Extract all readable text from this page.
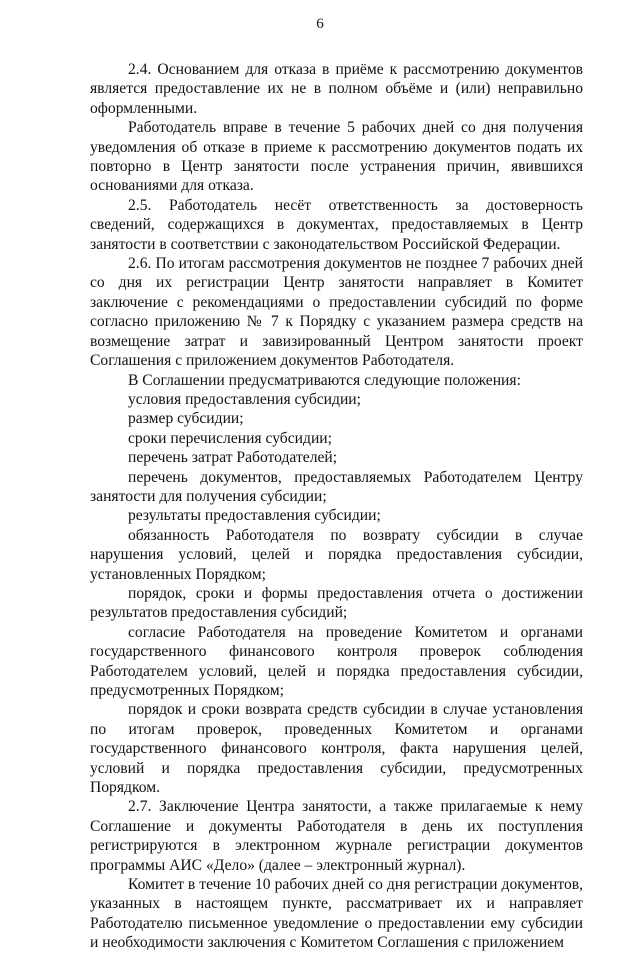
6

2.4. Основанием для отказа в приёме к рассмотрению документов является предоставление их не в полном объёме и (или) неправильно оформленными.

Работодатель вправе в течение 5 рабочих дней со дня получения уведомления об отказе в приеме к рассмотрению документов подать их повторно в Центр занятости после устранения причин, явившихся основаниями для отказа.

2.5. Работодатель несёт ответственность за достоверность сведений, содержащихся в документах, предоставляемых в Центр занятости в соответствии с законодательством Российской Федерации.

2.6. По итогам рассмотрения документов не позднее 7 рабочих дней со дня их регистрации Центр занятости направляет в Комитет заключение с рекомендациями о предоставлении субсидий по форме согласно приложению № 7 к Порядку с указанием размера средств на возмещение затрат и завизированный Центром занятости проект Соглашения с приложением документов Работодателя.

В Соглашении предусматриваются следующие положения:

условия предоставления субсидии;

размер субсидии;

сроки перечисления субсидии;

перечень затрат Работодателей;

перечень документов, предоставляемых Работодателем Центру занятости для получения субсидии;

результаты предоставления субсидии;

обязанность Работодателя по возврату субсидии в случае нарушения условий, целей и порядка предоставления субсидии, установленных Порядком;

порядок, сроки и формы предоставления отчета о достижении результатов предоставления субсидий;

согласие Работодателя на проведение Комитетом и органами государственного финансового контроля проверок соблюдения Работодателем условий, целей и порядка предоставления субсидии, предусмотренных Порядком;

порядок и сроки возврата средств субсидии в случае установления по итогам проверок, проведенных Комитетом и органами государственного финансового контроля, факта нарушения целей, условий и порядка предоставления субсидии, предусмотренных Порядком.

2.7. Заключение Центра занятости, а также прилагаемые к нему Соглашение и документы Работодателя в день их поступления регистрируются в электронном журнале регистрации документов программы АИС «Дело» (далее – электронный журнал).

Комитет в течение 10 рабочих дней со дня регистрации документов, указанных в настоящем пункте, рассматривает их и направляет Работодателю письменное уведомление о предоставлении ему субсидии и необходимости заключения с Комитетом Соглашения с приложением
